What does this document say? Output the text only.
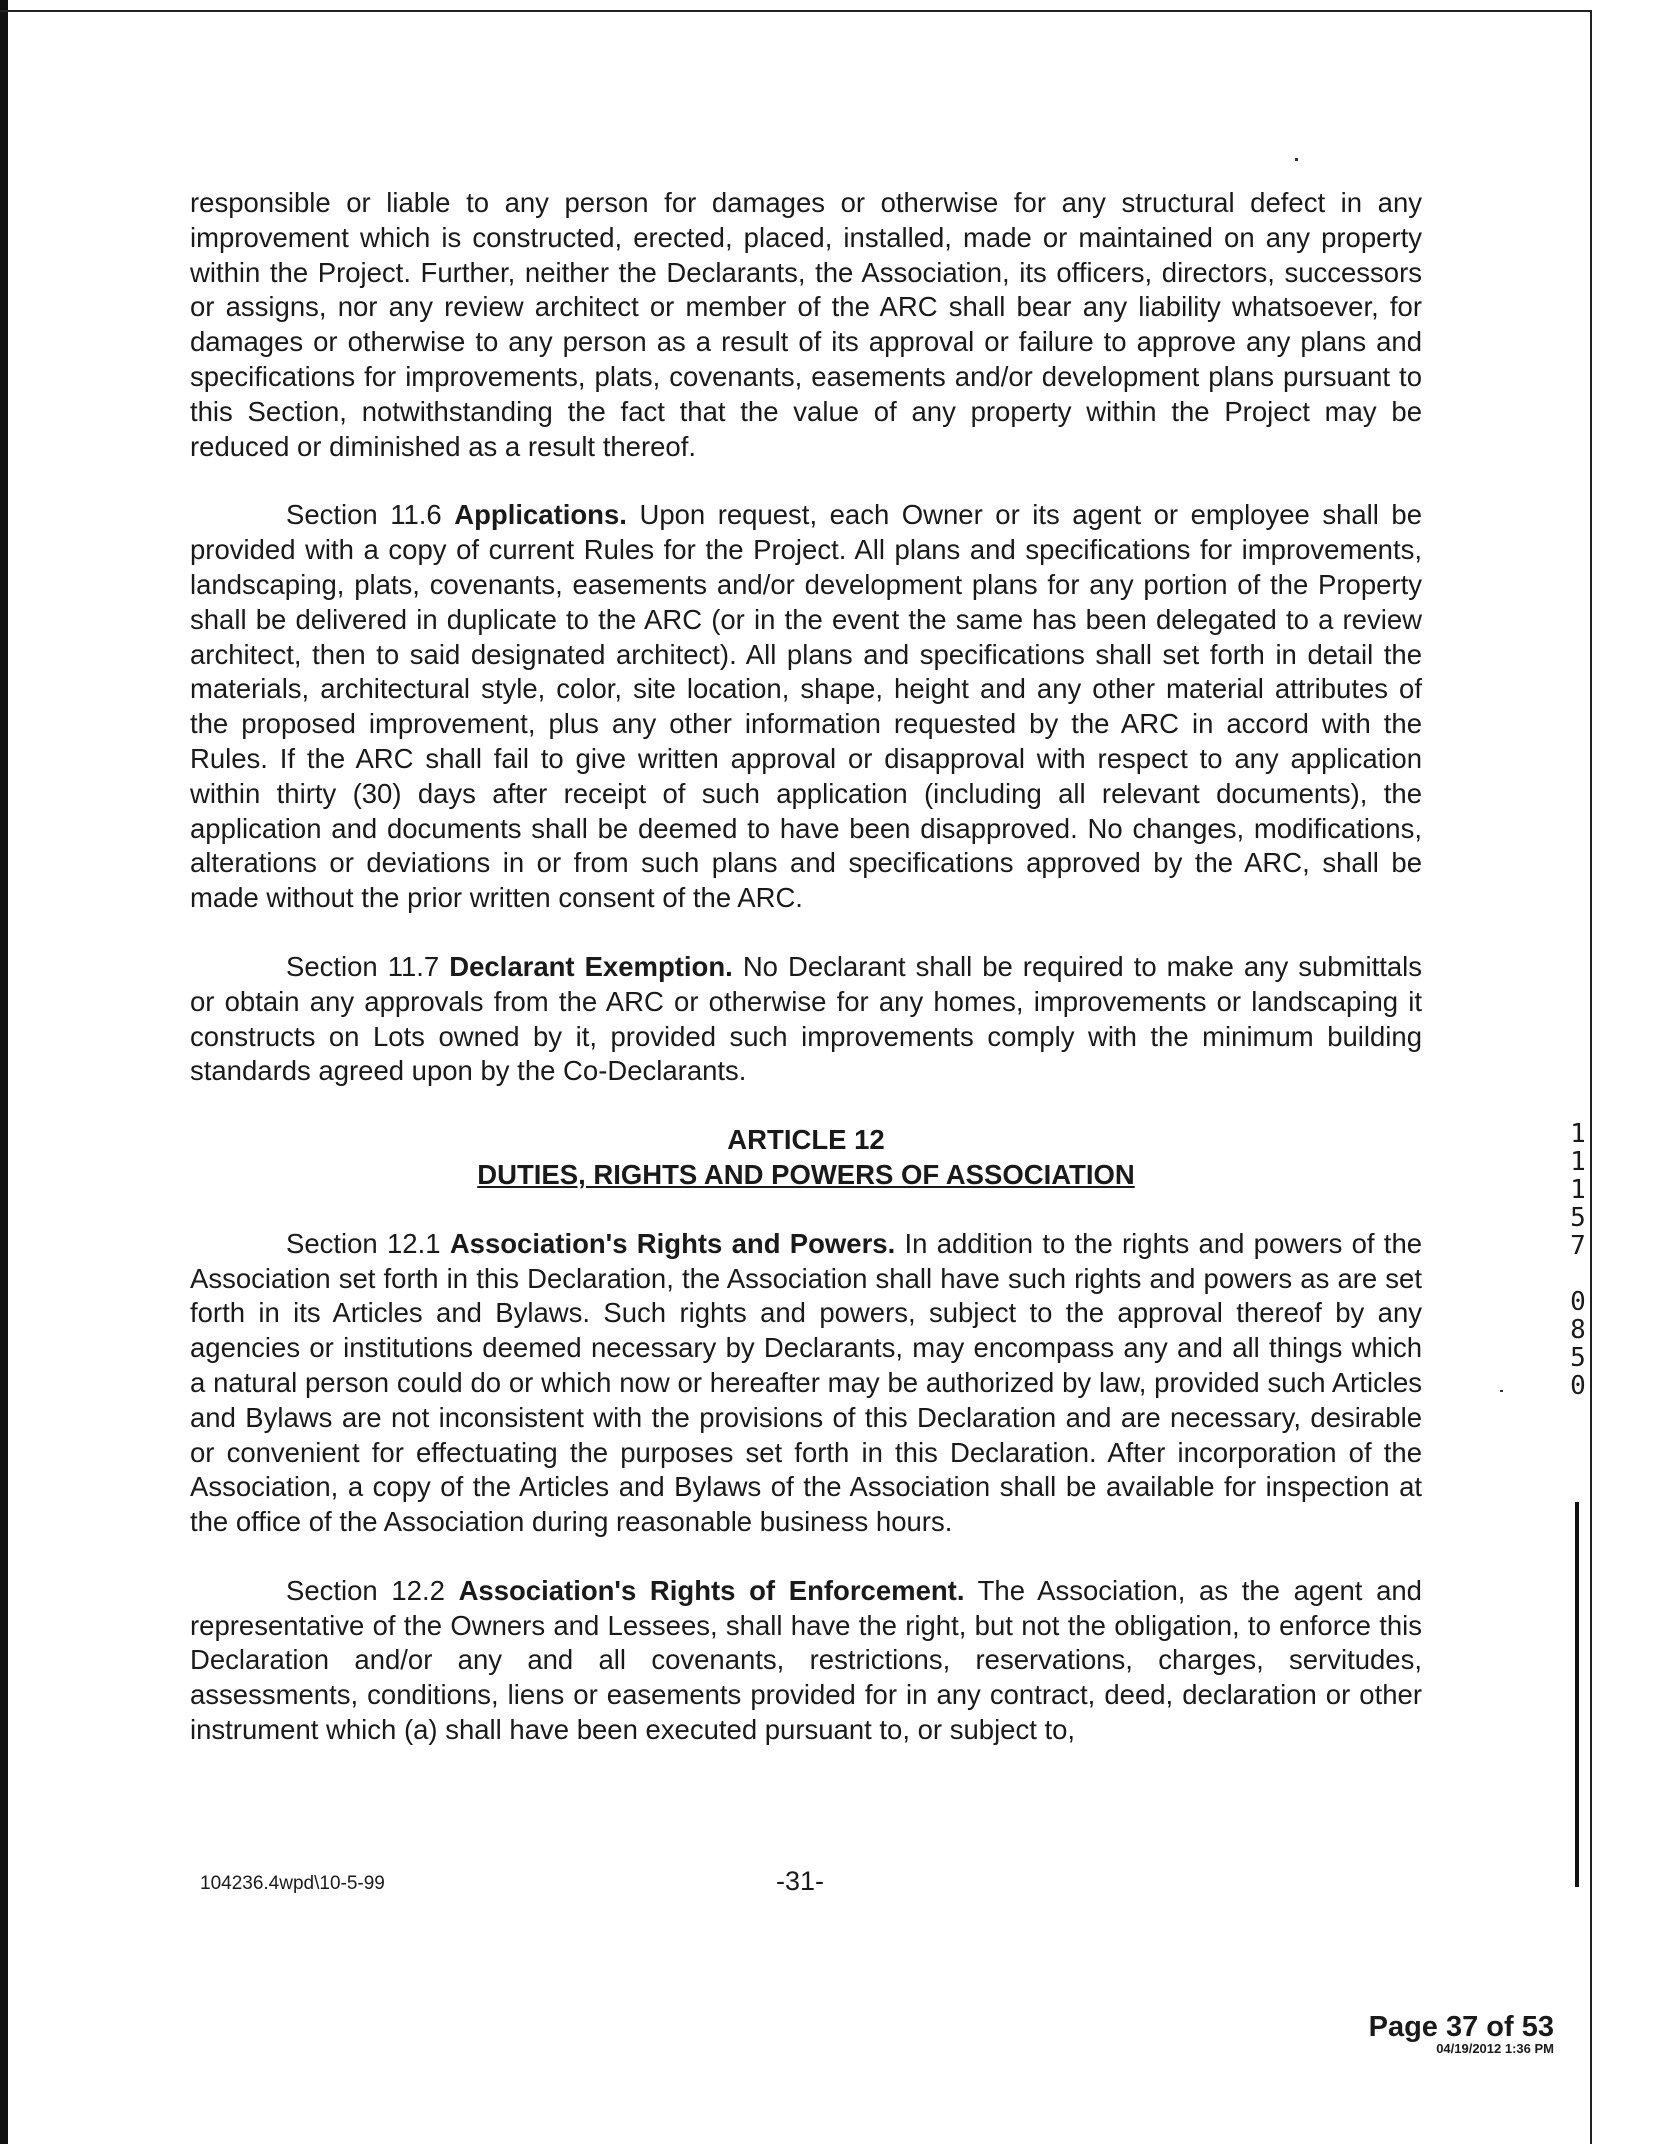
responsible or liable to any person for damages or otherwise for any structural defect in any improvement which is constructed, erected, placed, installed, made or maintained on any property within the Project. Further, neither the Declarants, the Association, its officers, directors, successors or assigns, nor any review architect or member of the ARC shall bear any liability whatsoever, for damages or otherwise to any person as a result of its approval or failure to approve any plans and specifications for improvements, plats, covenants, easements and/or development plans pursuant to this Section, notwithstanding the fact that the value of any property within the Project may be reduced or diminished as a result thereof.

Section 11.6 Applications. Upon request, each Owner or its agent or employee shall be provided with a copy of current Rules for the Project. All plans and specifications for improvements, landscaping, plats, covenants, easements and/or development plans for any portion of the Property shall be delivered in duplicate to the ARC (or in the event the same has been delegated to a review architect, then to said designated architect). All plans and specifications shall set forth in detail the materials, architectural style, color, site location, shape, height and any other material attributes of the proposed improvement, plus any other information requested by the ARC in accord with the Rules. If the ARC shall fail to give written approval or disapproval with respect to any application within thirty (30) days after receipt of such application (including all relevant documents), the application and documents shall be deemed to have been disapproved. No changes, modifications, alterations or deviations in or from such plans and specifications approved by the ARC, shall be made without the prior written consent of the ARC.

Section 11.7 Declarant Exemption. No Declarant shall be required to make any submittals or obtain any approvals from the ARC or otherwise for any homes, improvements or landscaping it constructs on Lots owned by it, provided such improvements comply with the minimum building standards agreed upon by the Co-Declarants.

ARTICLE 12
DUTIES, RIGHTS AND POWERS OF ASSOCIATION

Section 12.1 Association's Rights and Powers. In addition to the rights and powers of the Association set forth in this Declaration, the Association shall have such rights and powers as are set forth in its Articles and Bylaws. Such rights and powers, subject to the approval thereof by any agencies or institutions deemed necessary by Declarants, may encompass any and all things which a natural person could do or which now or hereafter may be authorized by law, provided such Articles and Bylaws are not inconsistent with the provisions of this Declaration and are necessary, desirable or convenient for effectuating the purposes set forth in this Declaration. After incorporation of the Association, a copy of the Articles and Bylaws of the Association shall be available for inspection at the office of the Association during reasonable business hours.

Section 12.2 Association's Rights of Enforcement. The Association, as the agent and representative of the Owners and Lessees, shall have the right, but not the obligation, to enforce this Declaration and/or any and all covenants, restrictions, reservations, charges, servitudes, assessments, conditions, liens or easements provided for in any contract, deed, declaration or other instrument which (a) shall have been executed pursuant to, or subject to,

104236.4wpd\10-5-99	-31-
1
1
1
5
7

0
8
5
0
Page 37 of 53
04/19/2012 1:36 PM
